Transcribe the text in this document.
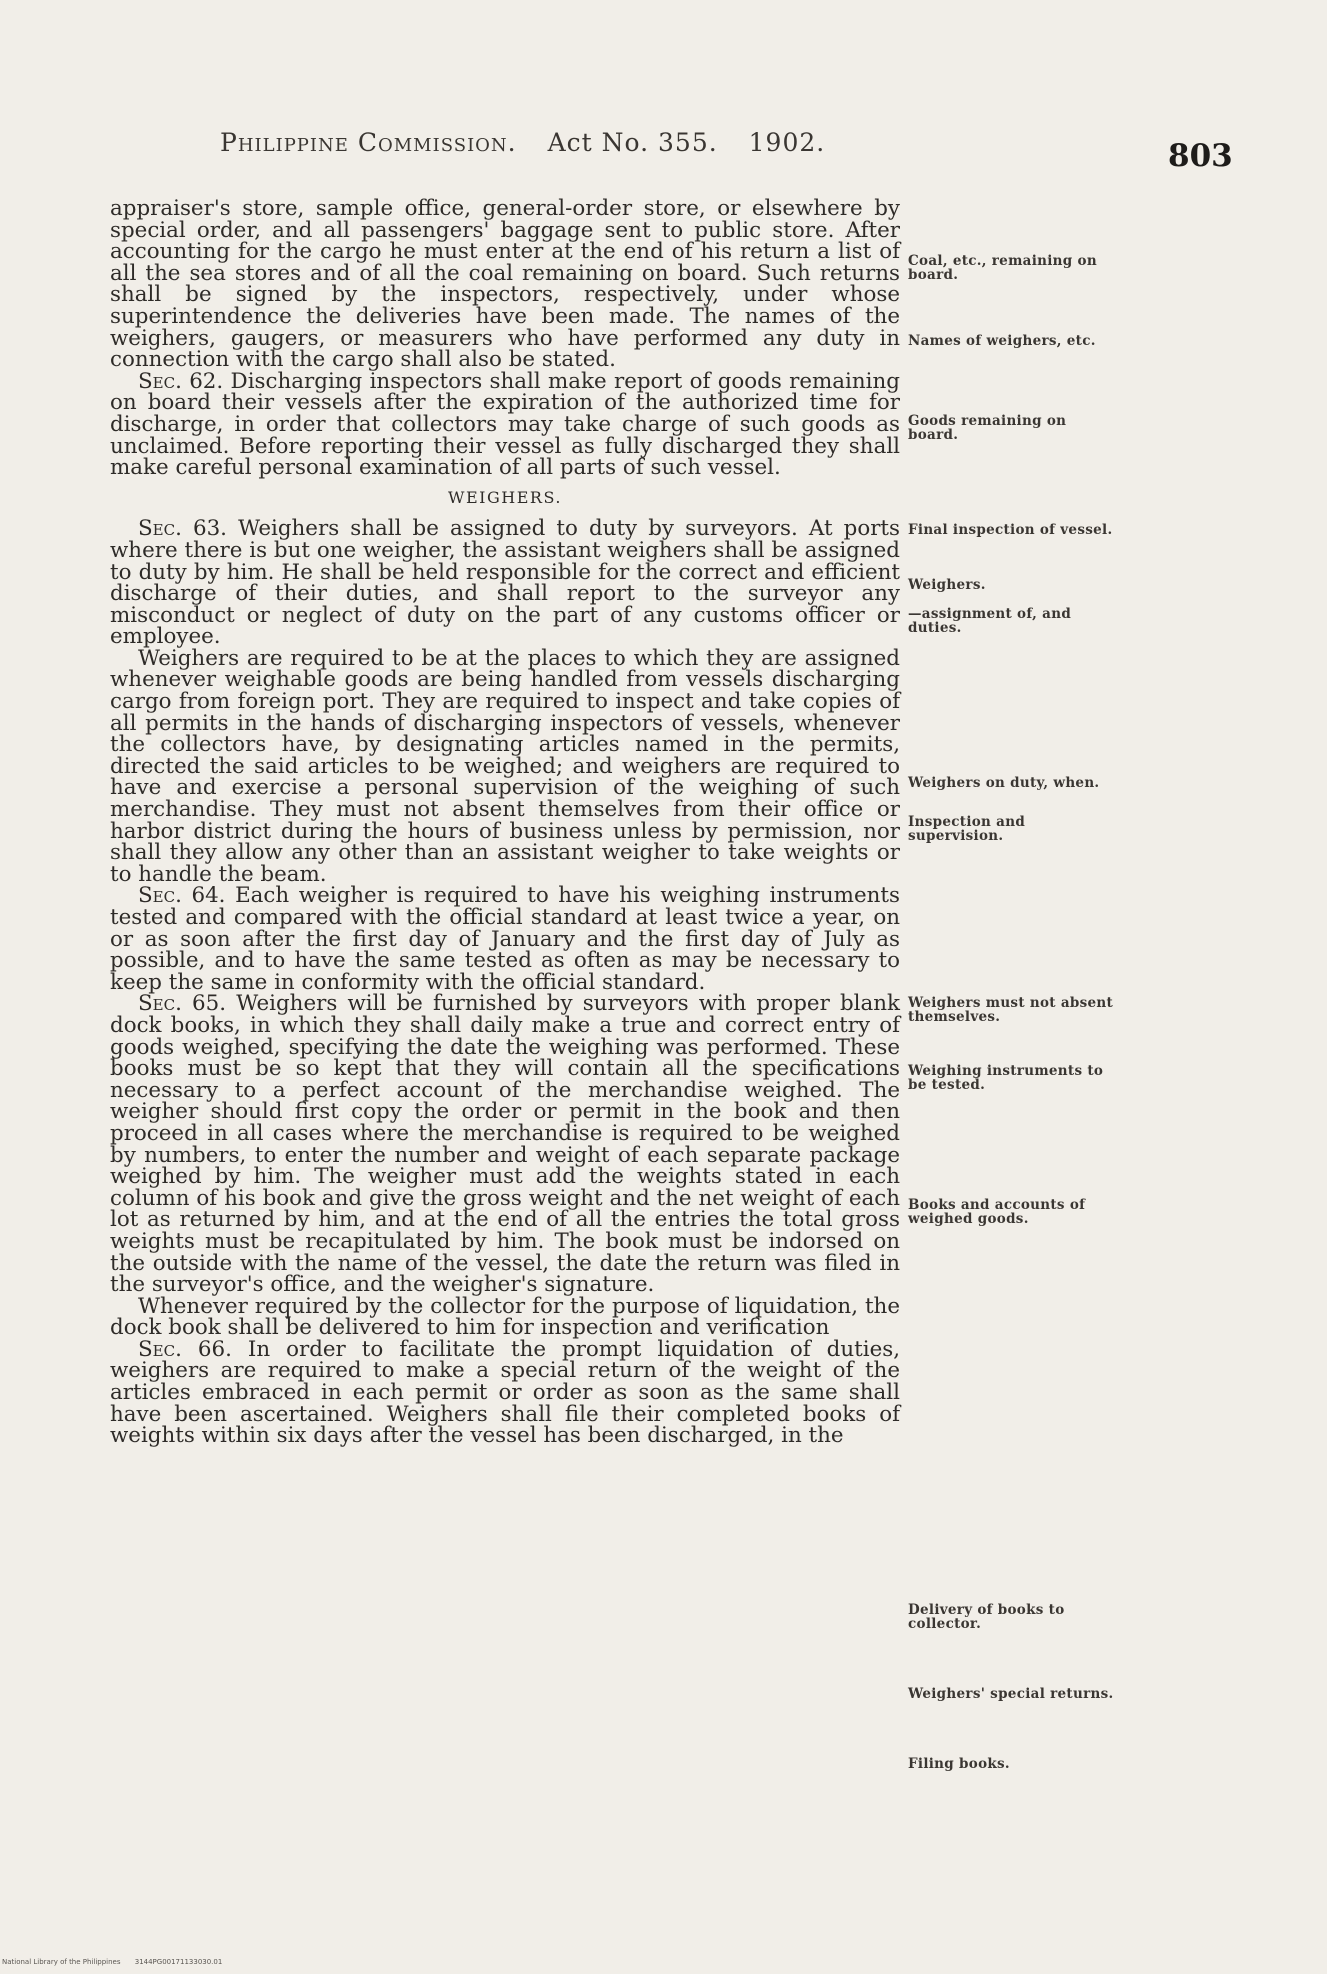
Philippine Commission. Act No. 355. 1902.	803

appraiser's store, sample office, general-order store, or elsewhere by special order, and all passengers' baggage sent to public store. After accounting for the cargo he must enter at the end of his return a list of all the sea stores and of all the coal remaining on board. Such returns shall be signed by the inspectors, respectively, under whose superintendence the deliveries have been made. The names of the weighers, gaugers, or measurers who have performed any duty in connection with the cargo shall also be stated.

Sec. 62. Discharging inspectors shall make report of goods remaining on board their vessels after the expiration of the authorized time for discharge, in order that collectors may take charge of such goods as unclaimed. Before reporting their vessel as fully discharged they shall make careful personal examination of all parts of such vessel.

WEIGHERS.

Sec. 63. Weighers shall be assigned to duty by surveyors. At ports where there is but one weigher, the assistant weighers shall be assigned to duty by him. He shall be held responsible for the correct and efficient discharge of their duties, and shall report to the surveyor any misconduct or neglect of duty on the part of any customs officer or employee.

Weighers are required to be at the places to which they are assigned whenever weighable goods are being handled from vessels discharging cargo from foreign port. They are required to inspect and take copies of all permits in the hands of discharging inspectors of vessels, whenever the collectors have, by designating articles named in the permits, directed the said articles to be weighed; and weighers are required to have and exercise a personal supervision of the weighing of such merchandise. They must not absent themselves from their office or harbor district during the hours of business unless by permission, nor shall they allow any other than an assistant weigher to take weights or to handle the beam.

Sec. 64. Each weigher is required to have his weighing instruments tested and compared with the official standard at least twice a year, on or as soon after the first day of January and the first day of July as possible, and to have the same tested as often as may be necessary to keep the same in conformity with the official standard.

Sec. 65. Weighers will be furnished by surveyors with proper blank dock books, in which they shall daily make a true and correct entry of goods weighed, specifying the date the weighing was performed. These books must be so kept that they will contain all the specifications necessary to a perfect account of the merchandise weighed. The weigher should first copy the order or permit in the book and then proceed in all cases where the merchandise is required to be weighed by numbers, to enter the number and weight of each separate package weighed by him. The weigher must add the weights stated in each column of his book and give the gross weight and the net weight of each lot as returned by him, and at the end of all the entries the total gross weights must be recapitulated by him. The book must be indorsed on the outside with the name of the vessel, the date the return was filed in the surveyor's office, and the weigher's signature.

Whenever required by the collector for the purpose of liquidation, the dock book shall be delivered to him for inspection and verification

Sec. 66. In order to facilitate the prompt liquidation of duties, weighers are required to make a special return of the weight of the articles embraced in each permit or order as soon as the same shall have been ascertained. Weighers shall file their completed books of weights within six days after the vessel has been discharged, in the

Coal, etc., remaining on board.
Names of weighers, etc.
Goods remaining on board.
Final inspection of vessel.
Weighers.
—assignment of, and duties.
Weighers on duty, when.
Inspection and supervision.
Weighers must not absent themselves.
Weighing instruments to be tested.
Books and accounts of weighed goods.
Delivery of books to collector.
Weighers' special returns.
Filing books.
National Library of the Philippines 3144PG00171133030.01
